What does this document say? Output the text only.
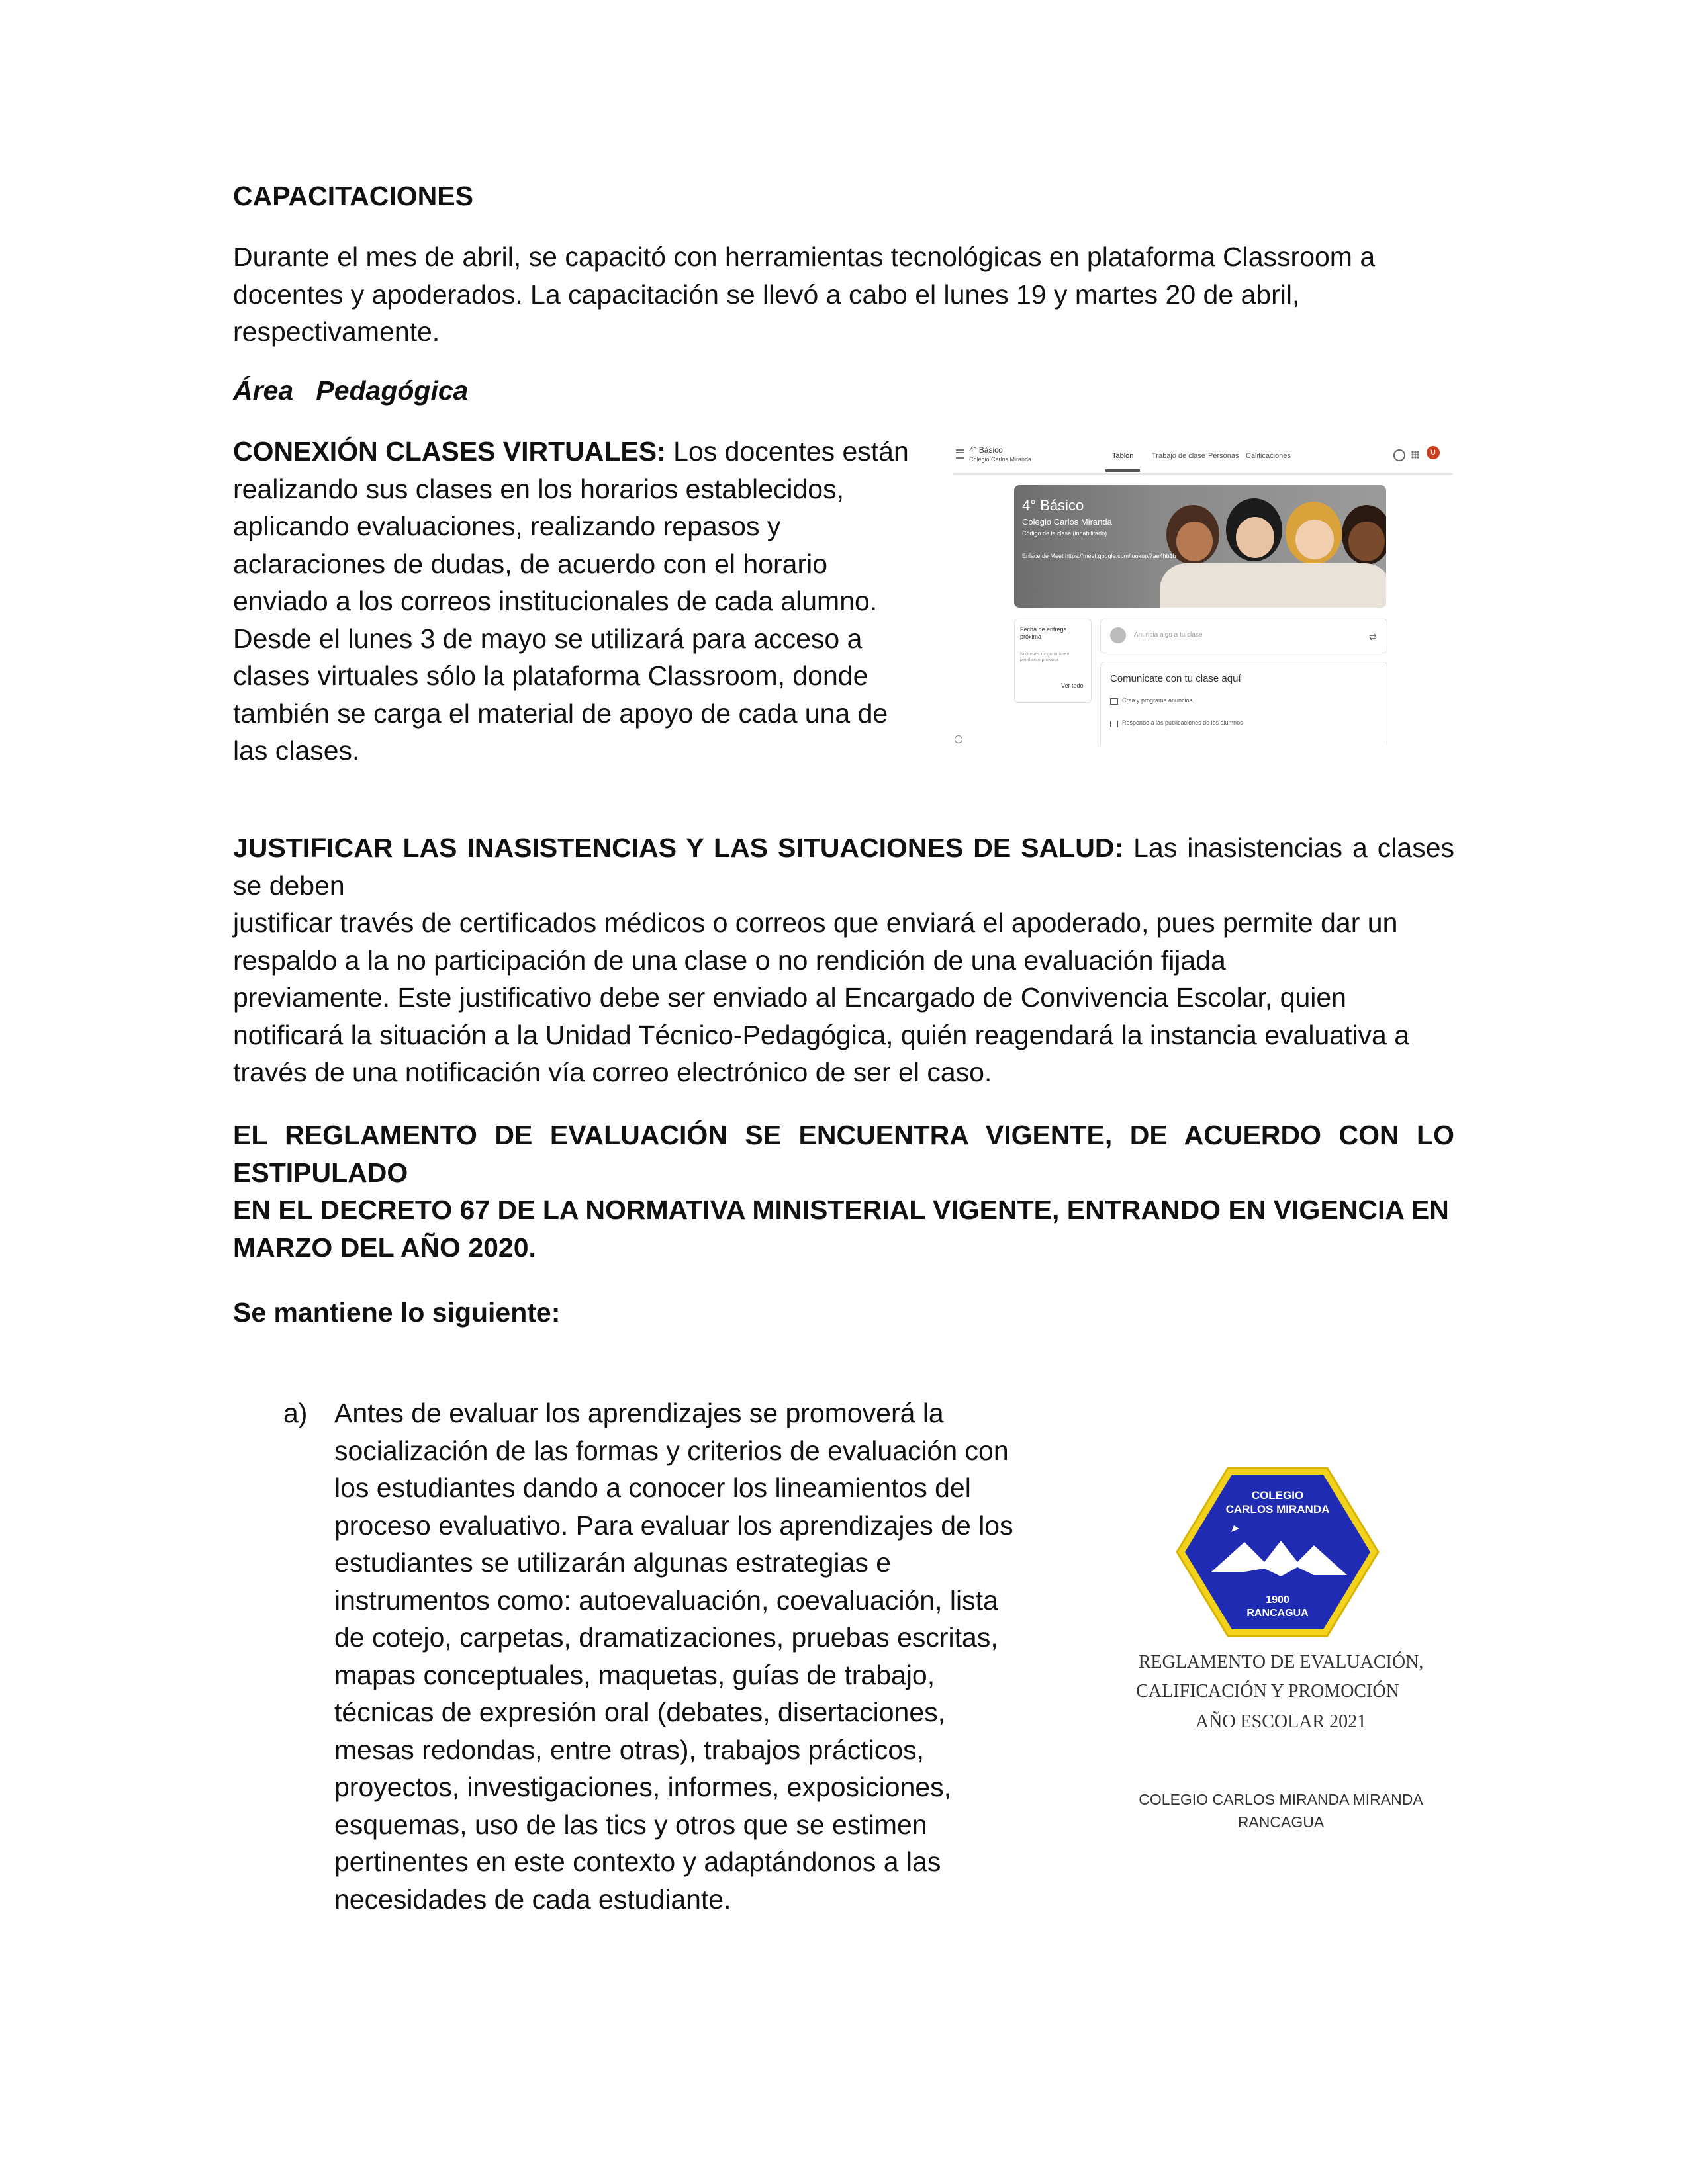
CAPACITACIONES
Durante el mes de abril, se capacitó con herramientas tecnológicas en plataforma Classroom a
docentes y apoderados. La capacitación se llevó a cabo el lunes 19 y martes 20 de abril,
respectivamente.
Área   Pedagógica
CONEXIÓN CLASES VIRTUALES: Los docentes están
realizando sus clases en los horarios establecidos,
aplicando evaluaciones, realizando repasos y
aclaraciones de dudas, de acuerdo con el horario
enviado a los correos institucionales de cada alumno.
Desde el lunes 3 de mayo se utilizará para acceso a
clases virtuales sólo la plataforma Classroom, donde
también se carga el material de apoyo de cada una de
las clases.
4° Básico
Colegio Carlos Miranda	Tablón	Trabajo de clase Personas Calificaciones	U
4° Básico
Colegio Carlos Miranda
Código de la clase (inhabilitado)
Enlace de Meet https://meet.google.com/lookup/7ae4hb1b
Fecha de entrega próxima
No tienes ninguna tarea pendiente próxima
Ver todo
Anuncia algo a tu clase	⇄
Comunicate con tu clase aquí
Crea y programa anuncios.
Responde a las publicaciones de los alumnos
JUSTIFICAR LAS INASISTENCIAS Y LAS SITUACIONES DE SALUD: Las inasistencias a clases se deben
justificar través de certificados médicos o correos que enviará el apoderado, pues permite dar un
respaldo a la no participación de una clase o no rendición de una evaluación fijada
previamente. Este justificativo debe ser enviado al Encargado de Convivencia Escolar, quien
notificará la situación a la Unidad Técnico-Pedagógica, quién reagendará la instancia evaluativa a
través de una notificación vía correo electrónico de ser el caso.
EL REGLAMENTO DE EVALUACIÓN SE ENCUENTRA VIGENTE, DE ACUERDO CON LO ESTIPULADO
EN EL DECRETO 67 DE LA NORMATIVA MINISTERIAL VIGENTE, ENTRANDO EN VIGENCIA EN
MARZO DEL AÑO 2020.
Se mantiene lo siguiente:
a) Antes de evaluar los aprendizajes se promoverá la
socialización de las formas y criterios de evaluación con
los estudiantes dando a conocer los lineamientos del
proceso evaluativo. Para evaluar los aprendizajes de los
estudiantes se utilizarán algunas estrategias e
instrumentos como: autoevaluación, coevaluación, lista
de cotejo, carpetas, dramatizaciones, pruebas escritas,
mapas conceptuales, maquetas, guías de trabajo,
técnicas de expresión oral (debates, disertaciones,
mesas redondas, entre otras), trabajos prácticos,
proyectos, investigaciones, informes, exposiciones,
esquemas, uso de las tics y otros que se estimen
pertinentes en este contexto y adaptándonos a las
necesidades de cada estudiante.
COLEGIO
CARLOS MIRANDA
1900
RANCAGUA
REGLAMENTO DE EVALUACIÓN,
CALIFICACIÓN Y PROMOCIÓN
AÑO ESCOLAR 2021
COLEGIO CARLOS MIRANDA MIRANDA
RANCAGUA
